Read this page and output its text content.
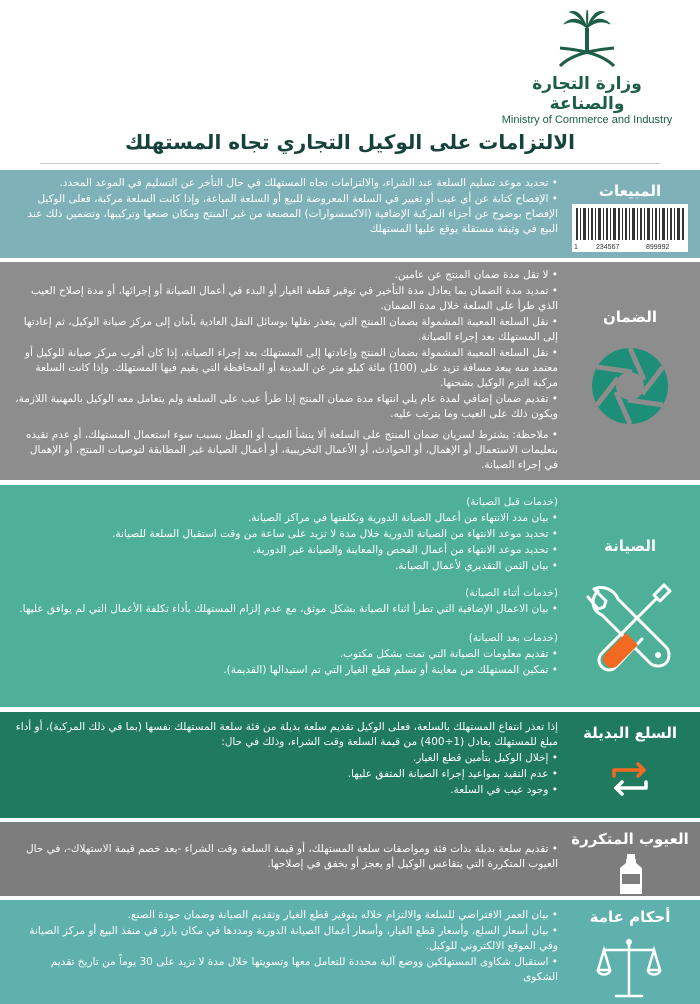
وزارة التجارة والصناعة
Ministry of Commerce and Industry
الالتزامات على الوكيل التجاري تجاه المستهلك
المبيعات
1	234567	899992

• تحديد موعد تسليم السلعة عند الشراء، والالتزامات تجاه المستهلك في حال التأخر عن التسليم في الموعد المحدد.

• الإفصاح كتابة عن أي عيب أو تغيير في السلعة المعروضة للبيع أو السلعة المباعة، وإذا كانت السلعة مركبة، فعلى الوكيل الإفصاح بوضوح عن أجزاء المركبة الإضافية (الاكسسوارات) المصنعة من غير المنتج ومكان صنعها وتركيبها، وتضمين ذلك عند البيع في وثيقة مستقلة يوقع عليها المستهلك

الضمان

• لا تقل مدة ضمان المنتج عن عامين.

• تمديد مدة الضمان بما يعادل مدة التأخير في توفير قطعة الغيار أو البدء في أعمال الصيانة أو إجرائها، أو مدة إصلاح العيب الذي طرأ على السلعة خلال مدة الضمان.

• نقل السلعة المعيبة المشمولة بضمان المنتج التي يتعذر نقلها بوسائل النقل العادية بأمان إلى مركز صيانة الوكيل، ثم إعادتها إلى المستهلك بعد إجراء الصيانة.

• نقل السلعة المعيبة المشمولة بضمان المنتج وإعادتها إلى المستهلك بعد إجراء الصيانة، إذا كان أقرب مركز صيانة للوكيل أو معتمد منه يبعد مسافة تزيد على (100) مائة كيلو متر عن المدينة أو المحافظة التي يقيم فيها المستهلك. وإذا كانت السلعة مركبة التزم الوكيل بشحنها.

• تقديم ضمان إضافي لمدة عام يلي انتهاء مدة ضمان المنتج إذا طرأ عيب على السلعة ولم يتعامل معه الوكيل بالمهنية اللازمة، ويكون ذلك على العيب وما يترتب عليه.

• ملاحظة: يشترط لسريان ضمان المنتج على السلعة ألا ينشأ العيب أو العطل بسبب سوء استعمال المستهلك، أو عدم تقيده بتعليمات الاستعمال أو الإهمال، أو الحوادث، أو الأعمال التخريبية، أو أعمال الصيانة غير المطابقة لتوصيات المنتج، أو الإهمال في إجراء الصيانة.

الصيانة

(خدمات قبل الصيانة)

• بيان مدد الانتهاء من أعمال الصيانة الدورية وتكلفتها في مراكز الصيانة.

• تحديد موعد الانتهاء من الصيانة الدورية خلال مدة لا تزيد على ساعة من وقت استقبال السلعة للصيانة.

• تحديد موعد الانتهاء من أعمال الفحص والمعاينة والصيانة غير الدورية.

• بيان الثمن التقديري لأعمال الصيانة.

(خدمات أثناء الصيانة)

• بيان الاعمال الإضافية التي تطرأ اثناء الصيانة بشكل موثق، مع عدم إلزام المستهلك بأداء تكلفة الأعمال التي لم يوافق عليها.

(خدمات بعد الصيانة)

• تقديم معلومات الصيانة التي تمت بشكل مكتوب.

• تمكين المستهلك من معاينة أو تسلم قطع الغيار التي تم استبدالها (القديمة).

السلع البديلة

إذا تعذر انتفاع المستهلك بالسلعة، فعلى الوكيل تقديم سلعة بديلة من فئة سلعة المستهلك نفسها (بما في ذلك المركبة)، أو أداء مبلغ للمستهلك يعادل (1÷400) من قيمة السلعة وقت الشراء، وذلك في حال:

• إخلال الوكيل بتأمين قطع الغيار.

• عدم التقيد بمواعيد إجراء الصيانة المتفق عليها.

• وجود عيب في السلعة.

العيوب المتكررة

• تقديم سلعة بديلة بذات فئة ومواصفات سلعة المستهلك، أو قيمة السلعة وقت الشراء -بعد خصم قيمة الاستهلاك-، في حال العيوب المتكررة التي يتقاعس الوكيل أو يعجز أو يخفق في إصلاحها.

أحكام عامة

• بيان العمر الافتراضي للسلعة والالتزام خلاله بتوفير قطع الغيار وتقديم الصيانة وضمان جودة الصنع.

• بيان أسعار السلع، وأسعار قطع الغيار، وأسعار أعمال الصيانة الدورية ومددها في مكان بارز في منفذ البيع أو مركز الصيانة وفي الموقع الالكتروني للوكيل.

• استقبال شكاوى المستهلكين ووضع آلية محددة للتعامل معها وتسويتها خلال مدة لا تزيد على 30 يوماً من تاريخ تقديم الشكوى
